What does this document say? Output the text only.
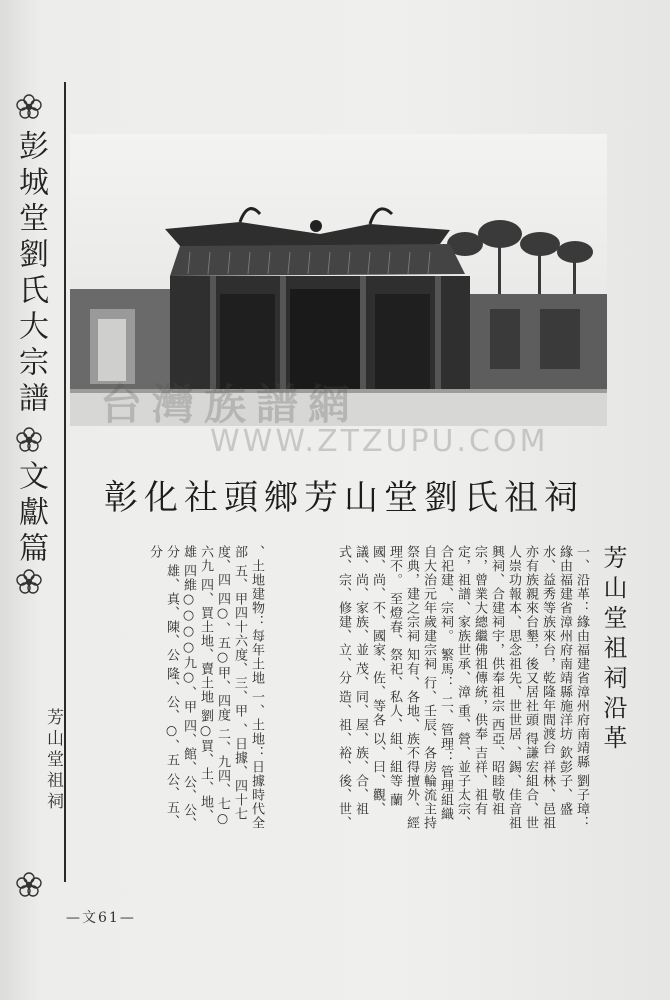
彭城堂劉氏大宗譜
文獻篇
台灣族譜網
WWW.ZTZUPU.COM
彰化社頭鄉芳山堂劉氏祖祠
芳山堂祖祠沿革
一、沿革：緣由福建省漳州府南靖縣 劉子璋：緣由福建省漳州府南靖縣施洋坊 欽彭子、盛水、益秀等族來台，乾隆年間渡台 祥林、邑祖亦有族親來台墾，後又居社頭 得謙宏組合、世人崇功報本、思念祖先、世世居 、錫、佳音祖興祠、合建祠宇，供奉祖宗 西亞、昭睦敬祖宗，曾業大總繼佛祖傳統，供奉 吉祥、祖有定，祖譜、家族世承、漳 重、營、並子太宗、合祀建、宗祠。 繁馬： 二、管理：管理組織自大治元年歲建宗祠 行、壬辰、各房輪流主持祭典，建之宗祠 知有、各地、族不得擅外、經理不。 至燈春、祭祀、私人、組、組等 蘭國、尚、不、國家、佐、等各 以、曰、觀、議、尚、家族、並 茂、同、屋、族、合、祖 式、宗、修建、立、分 造、祖、裕、後、世、
、土地建物：每年土地 一、土地：日據時代全部 五、甲四十六度、三、甲 、日據、四十七度、四 四○、五○甲、四度 二、九四、七○六九 四、買土地、賣土地 劉○買、土、地、雄 四維○○○○九○、甲 四、館、公、公、分 雄、真、陳、公 隆、公、○、五 公、五、分
芳山堂祖祠
—文61—
